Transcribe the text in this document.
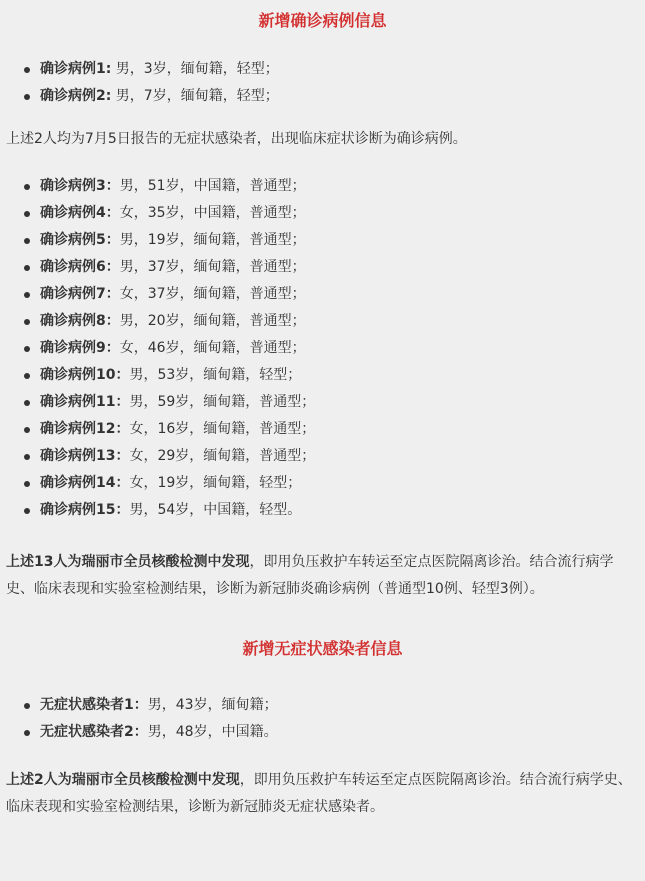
新增确诊病例信息
确诊病例1: 男，3岁，缅甸籍，轻型；
确诊病例2: 男，7岁，缅甸籍，轻型；

上述2人均为7月5日报告的无症状感染者，出现临床症状诊断为确诊病例。

确诊病例3：男，51岁，中国籍，普通型；
确诊病例4：女，35岁，中国籍，普通型；
确诊病例5：男，19岁，缅甸籍，普通型；
确诊病例6：男，37岁，缅甸籍，普通型；
确诊病例7：女，37岁，缅甸籍，普通型；
确诊病例8：男，20岁，缅甸籍，普通型；
确诊病例9：女，46岁，缅甸籍，普通型；
确诊病例10：男，53岁，缅甸籍，轻型；
确诊病例11：男，59岁，缅甸籍，普通型；
确诊病例12：女，16岁，缅甸籍，普通型；
确诊病例13：女，29岁，缅甸籍，普通型；
确诊病例14：女，19岁，缅甸籍，轻型；
确诊病例15：男，54岁，中国籍，轻型。

上述13人为瑞丽市全员核酸检测中发现，即用负压救护车转运至定点医院隔离诊治。结合流行病学史、临床表现和实验室检测结果，诊断为新冠肺炎确诊病例（普通型10例、轻型3例）。

新增无症状感染者信息
无症状感染者1：男，43岁，缅甸籍；
无症状感染者2：男，48岁，中国籍。

上述2人为瑞丽市全员核酸检测中发现，即用负压救护车转运至定点医院隔离诊治。结合流行病学史、临床表现和实验室检测结果，诊断为新冠肺炎无症状感染者。
